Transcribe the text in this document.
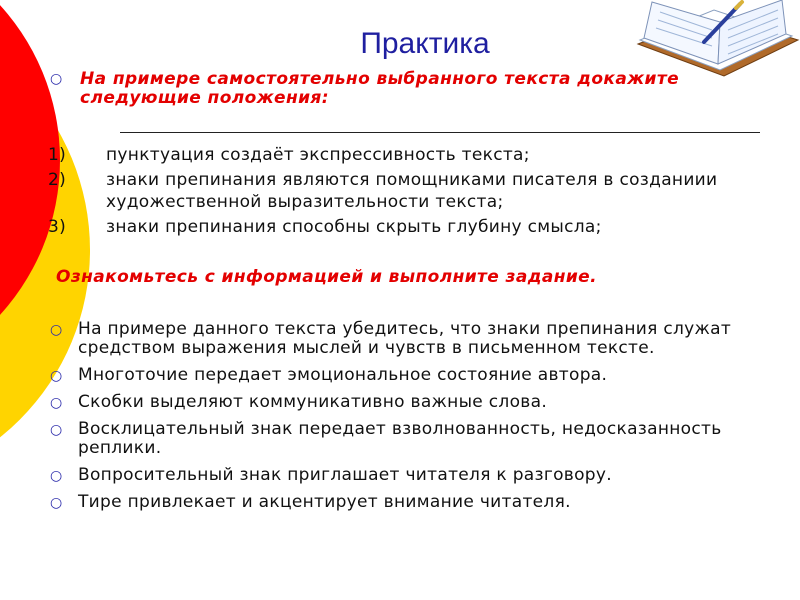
Практика
○ На примере самостоятельно выбранного текста докажите следующие положения:
1) пунктуация создаёт экспрессивность текста;
2) знаки препинания являются помощниками писателя в созданиии художественной выразительности текста;
3) знаки препинания способны скрыть глубину смысла;
Ознакомьтесь с информацией и выполните задание.
○ На примере данного текста убедитесь, что знаки препинания служат средством выражения мыслей и чувств в письменном тексте.
○ Многоточие передает эмоциональное состояние автора.
○ Скобки выделяют коммуникативно важные слова.
○ Восклицательный знак передает взволнованность, недосказанность реплики.
○ Вопросительный знак приглашает читателя к разговору.
○ Тире привлекает и акцентирует внимание читателя.
